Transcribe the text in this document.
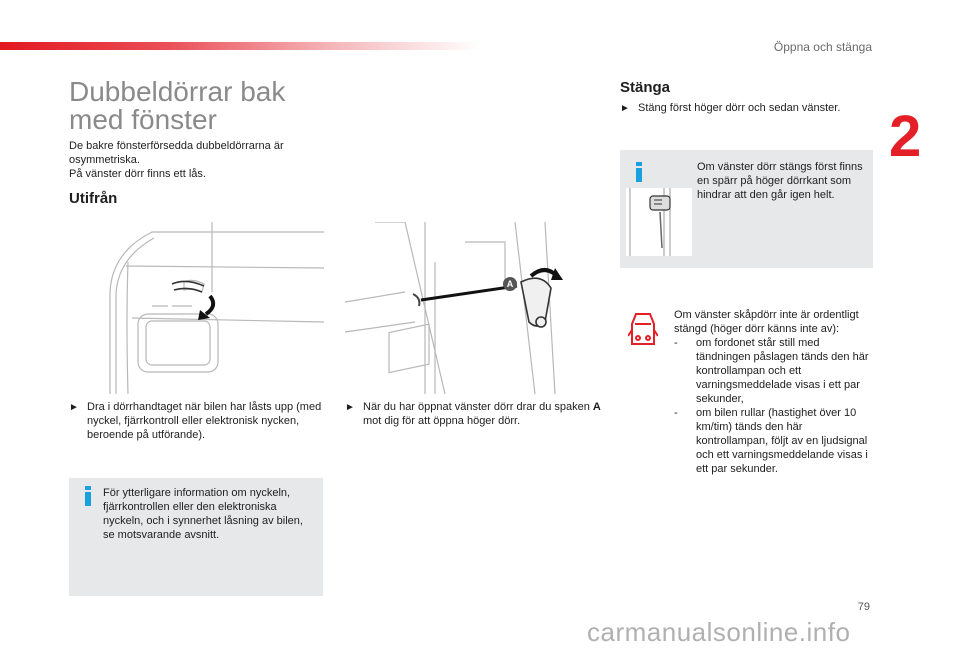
Öppna och stänga
2
Dubbeldörrar bak
med fönster
De bakre fönsterförsedda dubbeldörrarna är
osymmetriska.
På vänster dörr finns ett lås.
Utifrån
A
► Dra i dörrhandtaget när bilen har låsts upp (med nyckel, fjärrkontroll eller elektronisk nycken, beroende på utförande).
► När du har öppnat vänster dörr drar du spaken A mot dig för att öppna höger dörr.
För ytterligare information om nyckeln, fjärrkontrollen eller den elektroniska nyckeln, och i synnerhet låsning av bilen, se motsvarande avsnitt.
Stänga
► Stäng först höger dörr och sedan vänster.
Om vänster dörr stängs först finns en spärr på höger dörrkant som hindrar att den går igen helt.
Om vänster skåpdörr inte är ordentligt stängd (höger dörr känns inte av):
-	om fordonet står still med tändningen påslagen tänds den här kontrollampan och ett varningsmeddelade visas i ett par sekunder,
-	om bilen rullar (hastighet över 10 km/tim) tänds den här kontrollampan, följt av en ljudsignal och ett varningsmeddelande visas i ett par sekunder.
79
carmanualsonline.info
